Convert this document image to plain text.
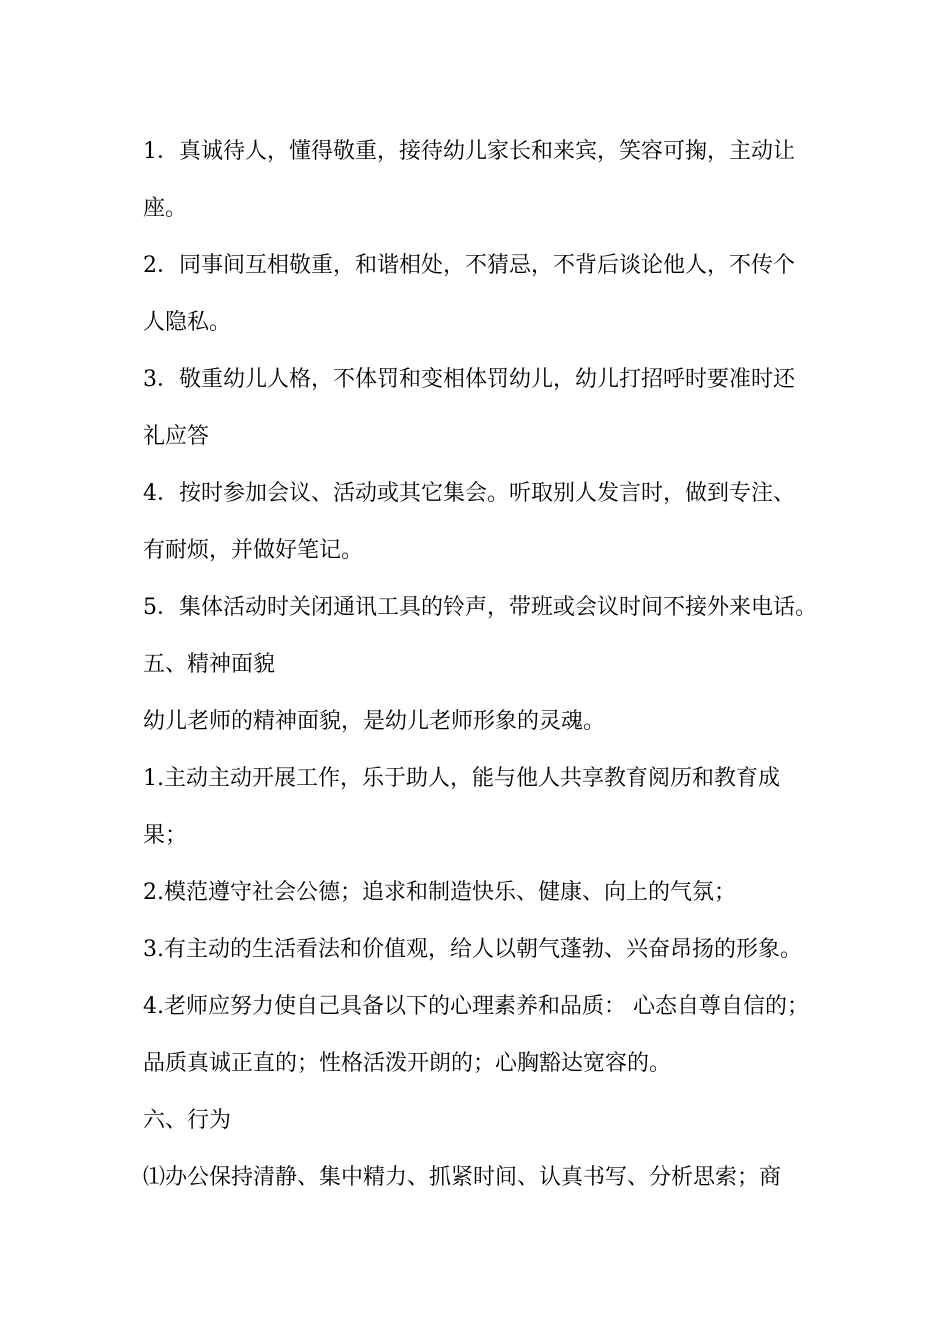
1．真诚待人，懂得敬重，接待幼儿家长和来宾，笑容可掬，主动让
座。
2．同事间互相敬重，和谐相处，不猜忌，不背后谈论他人，不传个
人隐私。
3．敬重幼儿人格，不体罚和变相体罚幼儿，幼儿打招呼时要准时还
礼应答
4．按时参加会议、活动或其它集会。听取别人发言时，做到专注、
有耐烦，并做好笔记。
5．集体活动时关闭通讯工具的铃声，带班或会议时间不接外来电话。
五、精神面貌
幼儿老师的精神面貌，是幼儿老师形象的灵魂。
1.主动主动开展工作，乐于助人，能与他人共享教育阅历和教育成
果；
2.模范遵守社会公德；追求和制造快乐、健康、向上的气氛；
3.有主动的生活看法和价值观，给人以朝气蓬勃、兴奋昂扬的形象。
4.老师应努力使自己具备以下的心理素养和品质： 心态自尊自信的；
品质真诚正直的；性格活泼开朗的；心胸豁达宽容的。
六、行为
⑴办公保持清静、集中精力、抓紧时间、认真书写、分析思索；商
